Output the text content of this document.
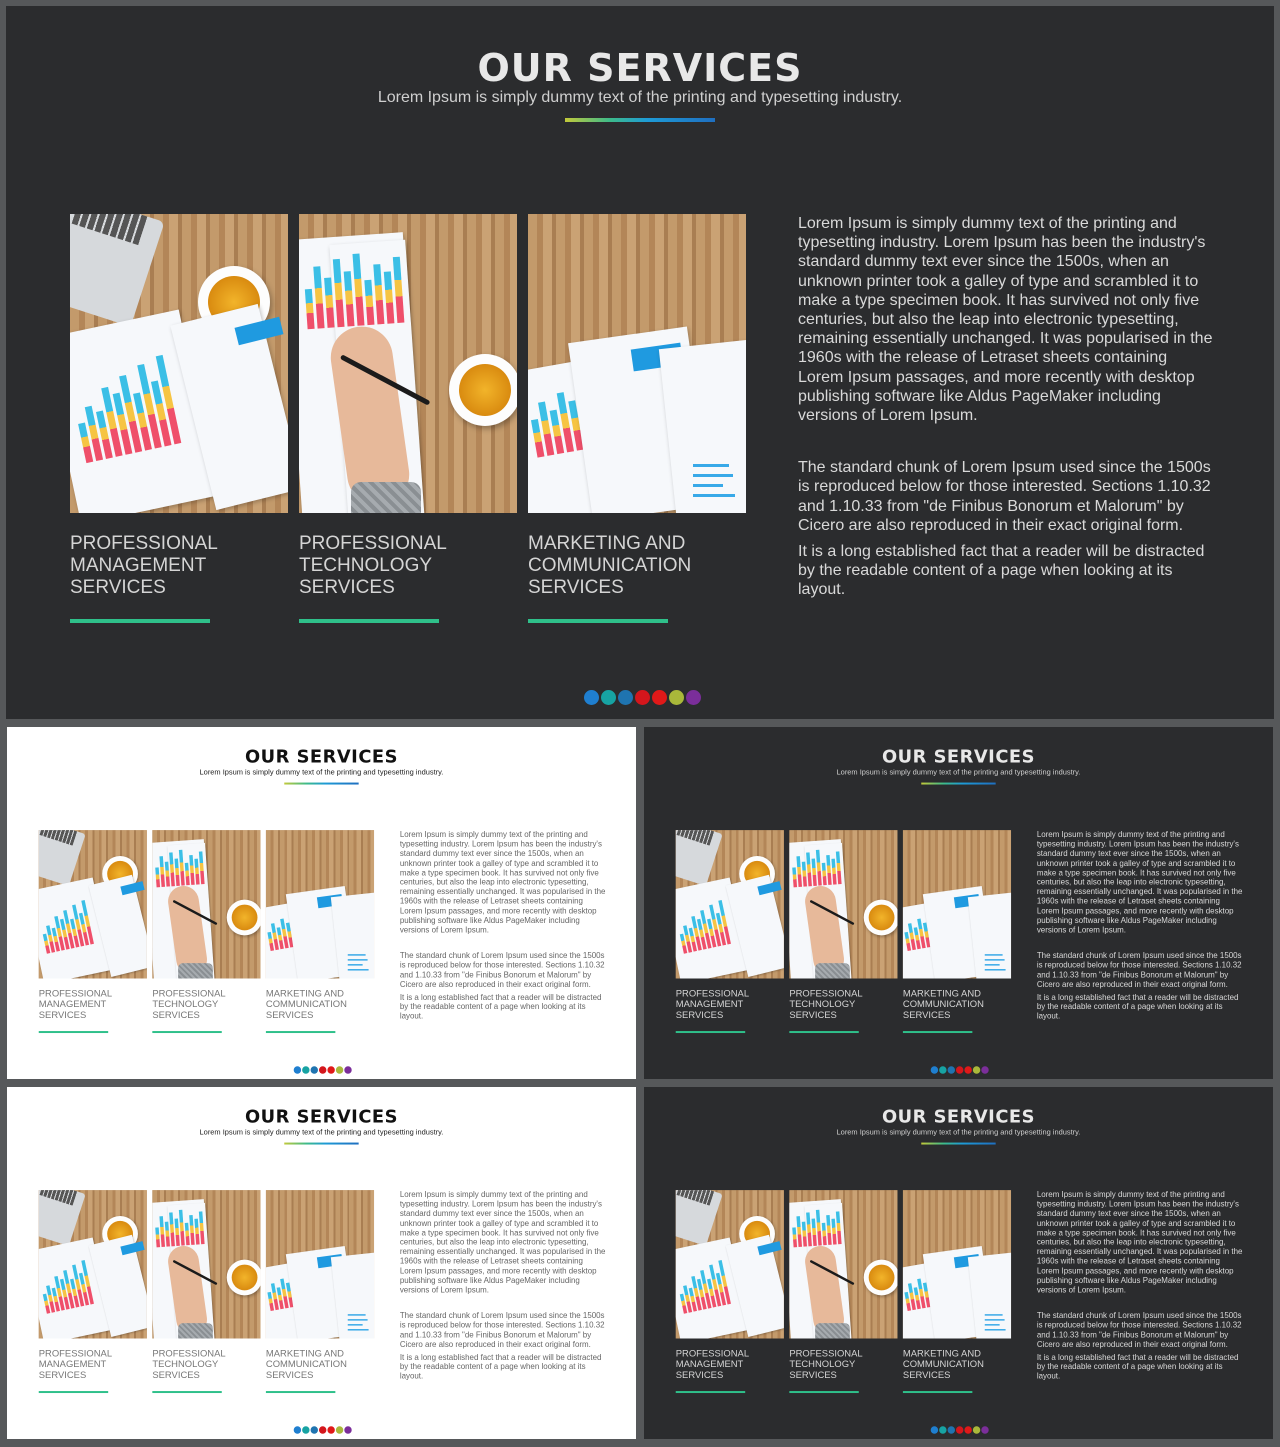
OUR SERVICES
Lorem Ipsum is simply dummy text of the printing and typesetting industry.
PROFESSIONAL MANAGEMENT SERVICES
PROFESSIONAL TECHNOLOGY SERVICES
MARKETING AND COMMUNICATION SERVICES

Lorem Ipsum is simply dummy text of the printing and typesetting industry. Lorem Ipsum has been the industry's standard dummy text ever since the 1500s, when an unknown printer took a galley of type and scrambled it to make a type specimen book. It has survived not only five centuries, but also the leap into electronic typesetting, remaining essentially unchanged. It was popularised in the 1960s with the release of Letraset sheets containing Lorem Ipsum passages, and more recently with desktop publishing software like Aldus PageMaker including versions of Lorem Ipsum.

The standard chunk of Lorem Ipsum used since the 1500s is reproduced below for those interested. Sections 1.10.32 and 1.10.33 from "de Finibus Bonorum et Malorum" by Cicero are also reproduced in their exact original form.

It is a long established fact that a reader will be distracted by the readable content of a page when looking at its layout.

OUR SERVICES
Lorem Ipsum is simply dummy text of the printing and typesetting industry.
PROFESSIONAL MANAGEMENT SERVICES
PROFESSIONAL TECHNOLOGY SERVICES
MARKETING AND COMMUNICATION SERVICES

Lorem Ipsum is simply dummy text of the printing and typesetting industry. Lorem Ipsum has been the industry's standard dummy text ever since the 1500s, when an unknown printer took a galley of type and scrambled it to make a type specimen book. It has survived not only five centuries, but also the leap into electronic typesetting, remaining essentially unchanged. It was popularised in the 1960s with the release of Letraset sheets containing Lorem Ipsum passages, and more recently with desktop publishing software like Aldus PageMaker including versions of Lorem Ipsum.

The standard chunk of Lorem Ipsum used since the 1500s is reproduced below for those interested. Sections 1.10.32 and 1.10.33 from "de Finibus Bonorum et Malorum" by Cicero are also reproduced in their exact original form.

It is a long established fact that a reader will be distracted by the readable content of a page when looking at its layout.

OUR SERVICES
Lorem Ipsum is simply dummy text of the printing and typesetting industry.
PROFESSIONAL MANAGEMENT SERVICES
PROFESSIONAL TECHNOLOGY SERVICES
MARKETING AND COMMUNICATION SERVICES

Lorem Ipsum is simply dummy text of the printing and typesetting industry. Lorem Ipsum has been the industry's standard dummy text ever since the 1500s, when an unknown printer took a galley of type and scrambled it to make a type specimen book. It has survived not only five centuries, but also the leap into electronic typesetting, remaining essentially unchanged. It was popularised in the 1960s with the release of Letraset sheets containing Lorem Ipsum passages, and more recently with desktop publishing software like Aldus PageMaker including versions of Lorem Ipsum.

The standard chunk of Lorem Ipsum used since the 1500s is reproduced below for those interested. Sections 1.10.32 and 1.10.33 from "de Finibus Bonorum et Malorum" by Cicero are also reproduced in their exact original form.

It is a long established fact that a reader will be distracted by the readable content of a page when looking at its layout.

OUR SERVICES
Lorem Ipsum is simply dummy text of the printing and typesetting industry.
PROFESSIONAL MANAGEMENT SERVICES
PROFESSIONAL TECHNOLOGY SERVICES
MARKETING AND COMMUNICATION SERVICES

Lorem Ipsum is simply dummy text of the printing and typesetting industry. Lorem Ipsum has been the industry's standard dummy text ever since the 1500s, when an unknown printer took a galley of type and scrambled it to make a type specimen book. It has survived not only five centuries, but also the leap into electronic typesetting, remaining essentially unchanged. It was popularised in the 1960s with the release of Letraset sheets containing Lorem Ipsum passages, and more recently with desktop publishing software like Aldus PageMaker including versions of Lorem Ipsum.

The standard chunk of Lorem Ipsum used since the 1500s is reproduced below for those interested. Sections 1.10.32 and 1.10.33 from "de Finibus Bonorum et Malorum" by Cicero are also reproduced in their exact original form.

It is a long established fact that a reader will be distracted by the readable content of a page when looking at its layout.

OUR SERVICES
Lorem Ipsum is simply dummy text of the printing and typesetting industry.
PROFESSIONAL MANAGEMENT SERVICES
PROFESSIONAL TECHNOLOGY SERVICES
MARKETING AND COMMUNICATION SERVICES

Lorem Ipsum is simply dummy text of the printing and typesetting industry. Lorem Ipsum has been the industry's standard dummy text ever since the 1500s, when an unknown printer took a galley of type and scrambled it to make a type specimen book. It has survived not only five centuries, but also the leap into electronic typesetting, remaining essentially unchanged. It was popularised in the 1960s with the release of Letraset sheets containing Lorem Ipsum passages, and more recently with desktop publishing software like Aldus PageMaker including versions of Lorem Ipsum.

The standard chunk of Lorem Ipsum used since the 1500s is reproduced below for those interested. Sections 1.10.32 and 1.10.33 from "de Finibus Bonorum et Malorum" by Cicero are also reproduced in their exact original form.

It is a long established fact that a reader will be distracted by the readable content of a page when looking at its layout.
